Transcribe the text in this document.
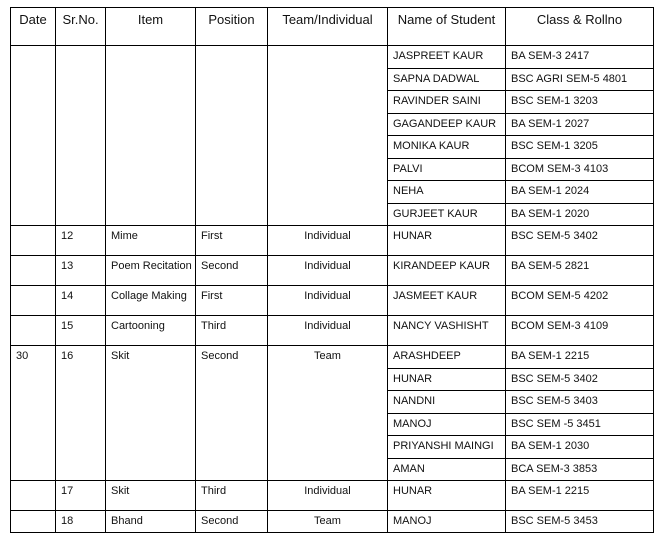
Date	Sr.No.	Item	Position	Team/Individual	Name of Student	Class & Rollno
					JASPREET KAUR	BA SEM-3 2417
					SAPNA DADWAL	BSC AGRI SEM-5 4801
					RAVINDER SAINI	BSC SEM-1 3203
					GAGANDEEP KAUR	BA SEM-1 2027
					MONIKA KAUR	BSC SEM-1 3205
					PALVI	BCOM SEM-3 4103
					NEHA	BA SEM-1 2024
					GURJEET KAUR	BA SEM-1 2020
	12	Mime	First	Individual	HUNAR	BSC SEM-5 3402
	13	Poem Recitation	Second	Individual	KIRANDEEP KAUR	BA SEM-5 2821
	14	Collage Making	First	Individual	JASMEET KAUR	BCOM SEM-5 4202
	15	Cartooning	Third	Individual	NANCY VASHISHT	BCOM SEM-3 4109
30	16	Skit	Second	Team	ARASHDEEP	BA SEM-1 2215
					HUNAR	BSC SEM-5 3402
					NANDNI	BSC SEM-5 3403
					MANOJ	BSC SEM -5 3451
					PRIYANSHI MAINGI	BA SEM-1 2030
					AMAN	BCA SEM-3 3853
	17	Skit	Third	Individual	HUNAR	BA SEM-1 2215
	18	Bhand	Second	Team	MANOJ	BSC SEM-5 3453
